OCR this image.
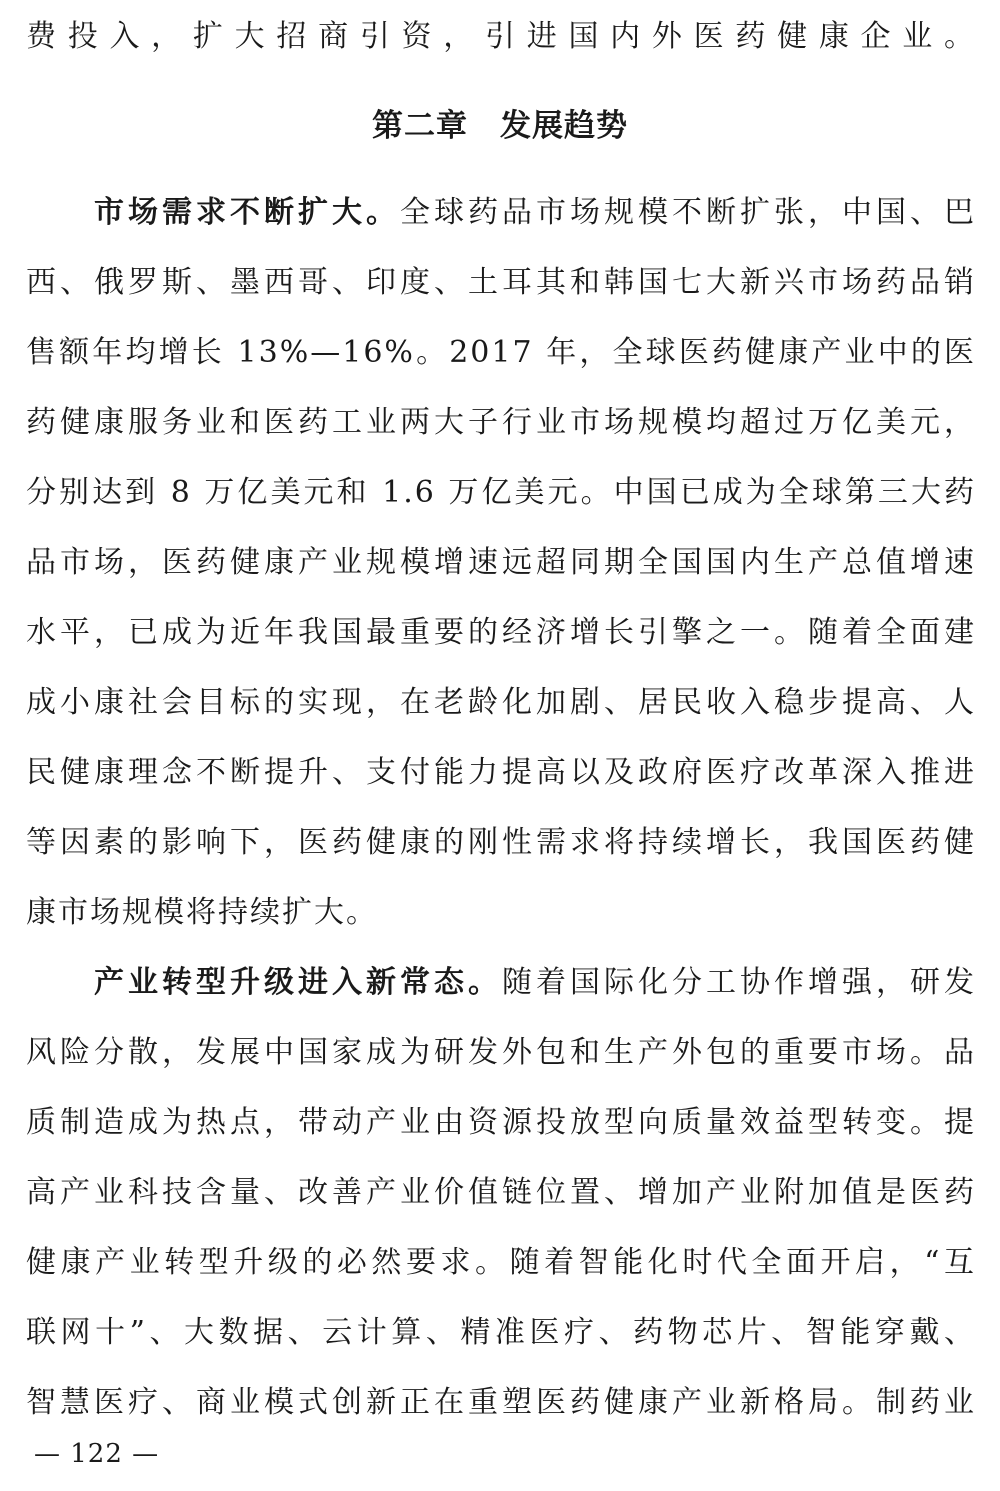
费投入，扩大招商引资，引进国内外医药健康企业。
第二章　发展趋势
市场需求不断扩大。全球药品市场规模不断扩张，中国、巴
西、俄罗斯、墨西哥、印度、土耳其和韩国七大新兴市场药品销
售额年均增长 13%—16%。2017 年，全球医药健康产业中的医
药健康服务业和医药工业两大子行业市场规模均超过万亿美元，
分别达到 8 万亿美元和 1.6 万亿美元。中国已成为全球第三大药
品市场，医药健康产业规模增速远超同期全国国内生产总值增速
水平，已成为近年我国最重要的经济增长引擎之一。随着全面建
成小康社会目标的实现，在老龄化加剧、居民收入稳步提高、人
民健康理念不断提升、支付能力提高以及政府医疗改革深入推进
等因素的影响下，医药健康的刚性需求将持续增长，我国医药健
康市场规模将持续扩大。
产业转型升级进入新常态。随着国际化分工协作增强，研发
风险分散，发展中国家成为研发外包和生产外包的重要市场。品
质制造成为热点，带动产业由资源投放型向质量效益型转变。提
高产业科技含量、改善产业价值链位置、增加产业附加值是医药
健康产业转型升级的必然要求。随着智能化时代全面开启，“互
联网十”、大数据、云计算、精准医疗、药物芯片、智能穿戴、
智慧医疗、商业模式创新正在重塑医药健康产业新格局。制药业
— 122 —
